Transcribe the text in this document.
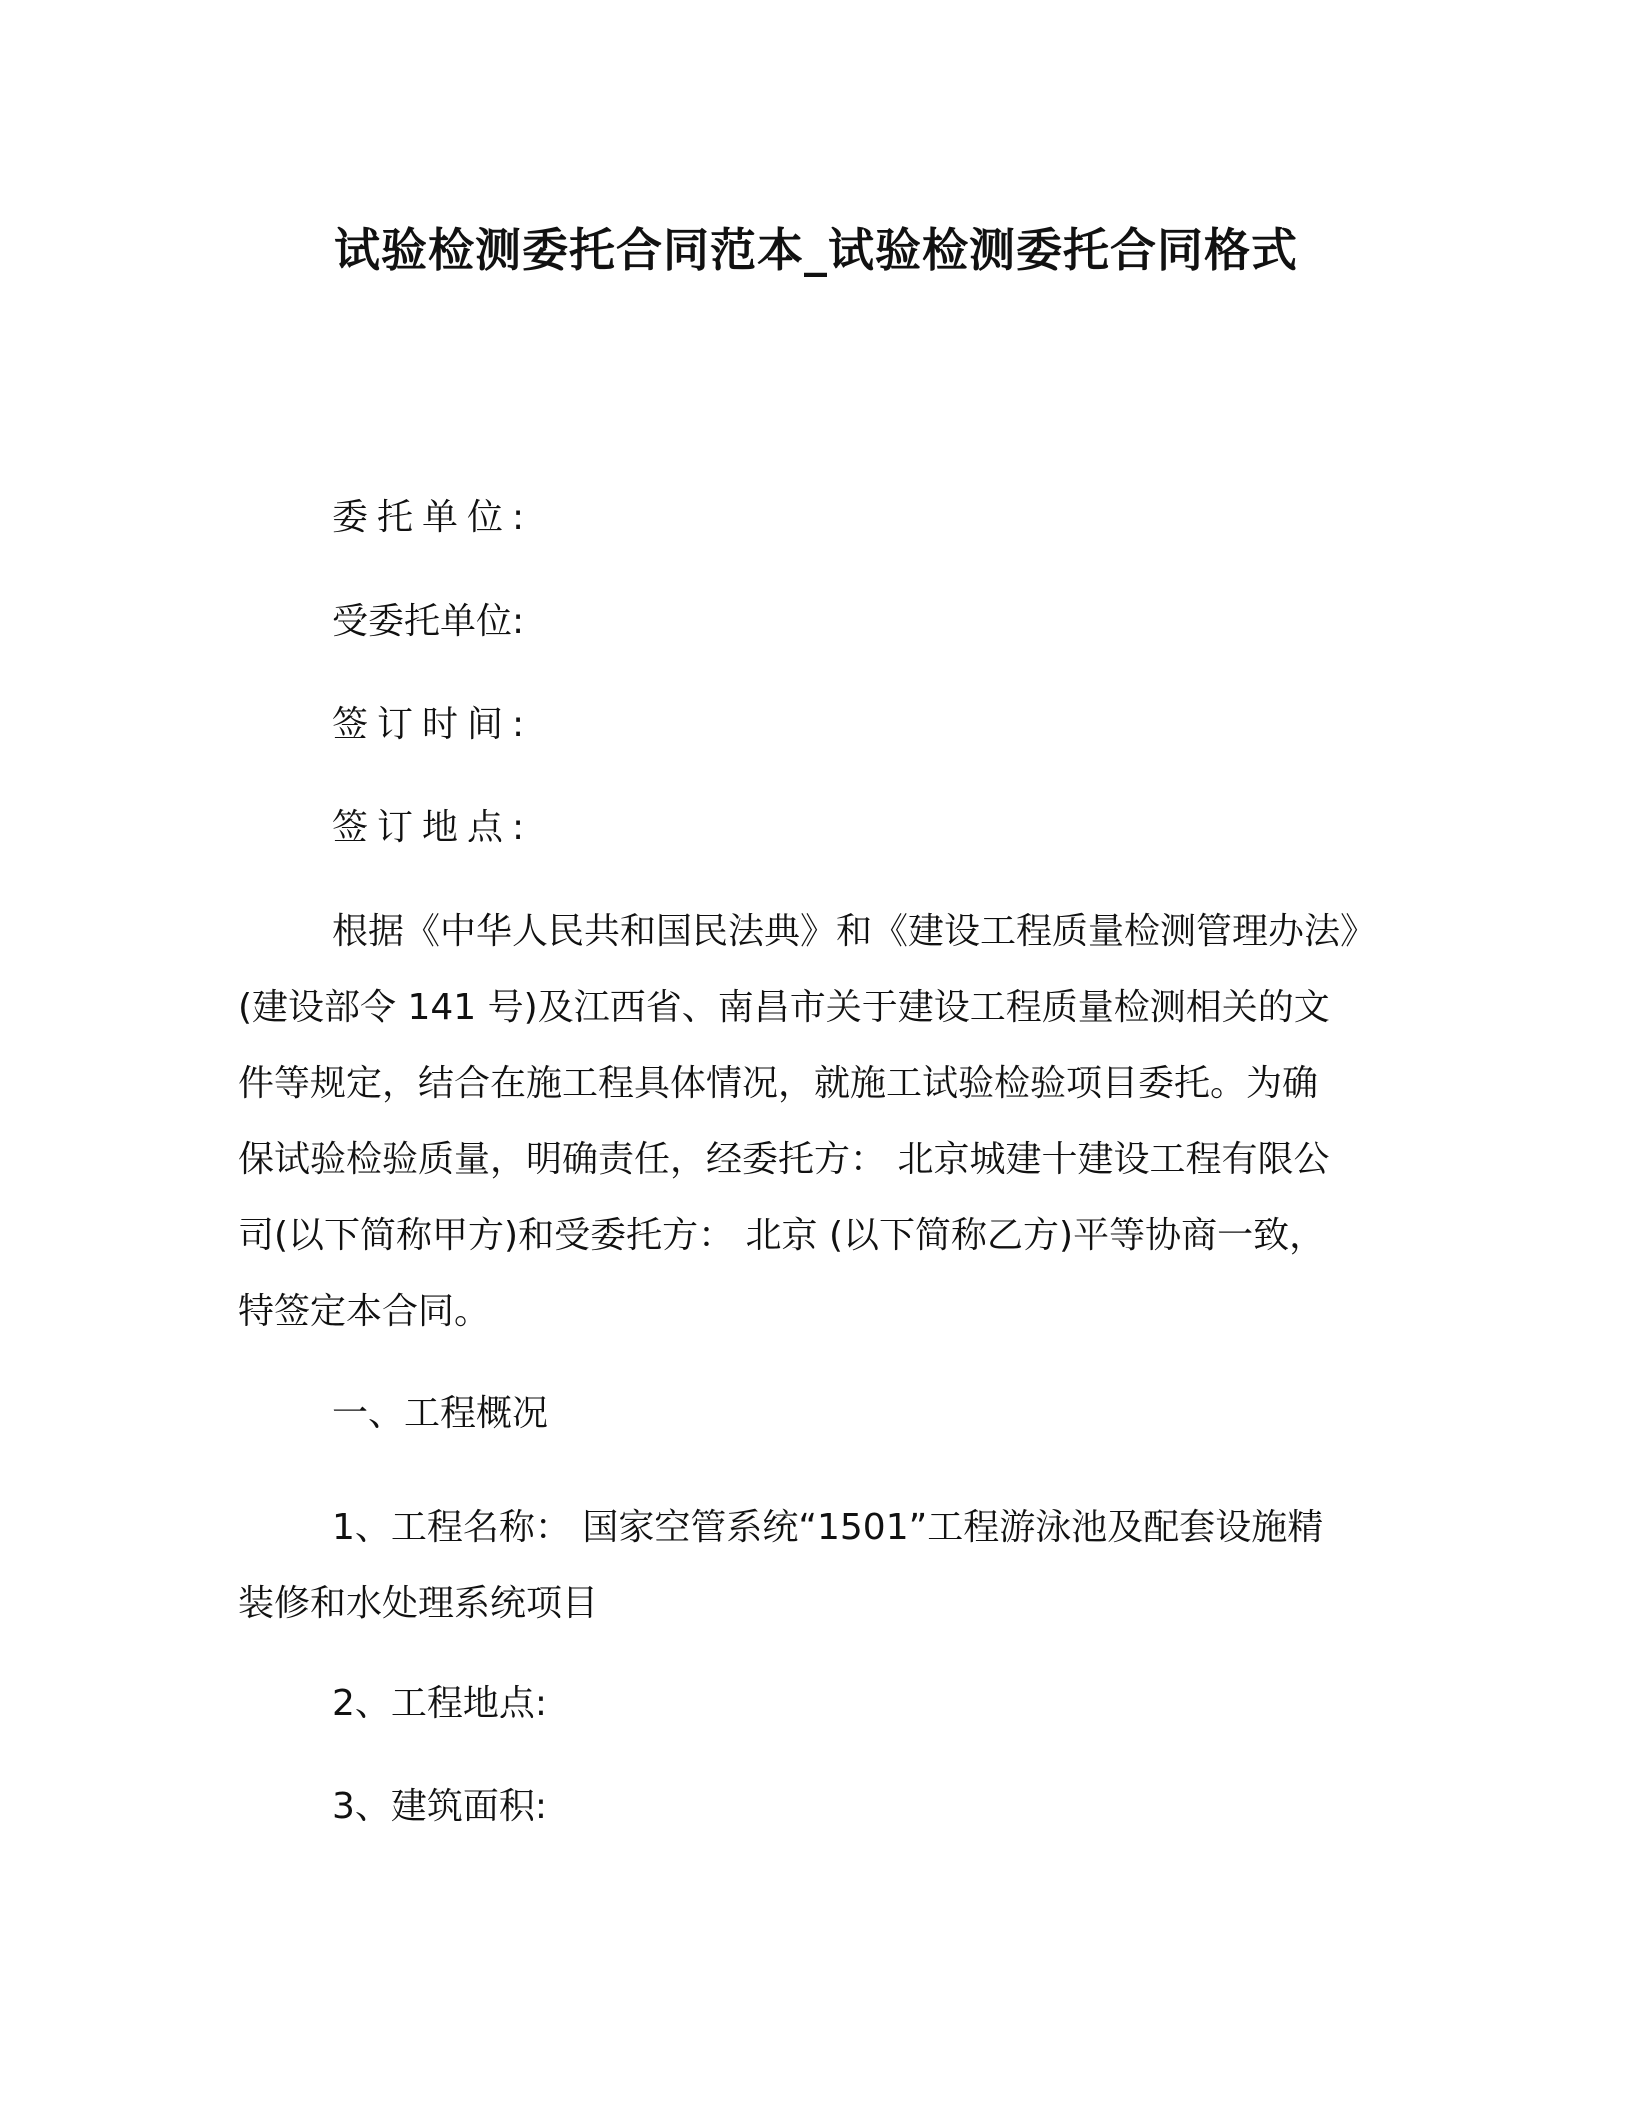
试验检测委托合同范本_试验检测委托合同格式
委托单位:
受委托单位:
签订时间:
签订地点:
根据《中华人民共和国民法典》和《建设工程质量检测管理办法》
(建设部令 141 号)及江西省、南昌市关于建设工程质量检测相关的文
件等规定，结合在施工程具体情况，就施工试验检验项目委托。为确
保试验检验质量，明确责任，经委托方： 北京城建十建设工程有限公
司(以下简称甲方)和受委托方： 北京 (以下简称乙方)平等协商一致，
特签定本合同。
一、工程概况
1、工程名称： 国家空管系统“1501”工程游泳池及配套设施精
装修和水处理系统项目
2、工程地点:
3、建筑面积:
